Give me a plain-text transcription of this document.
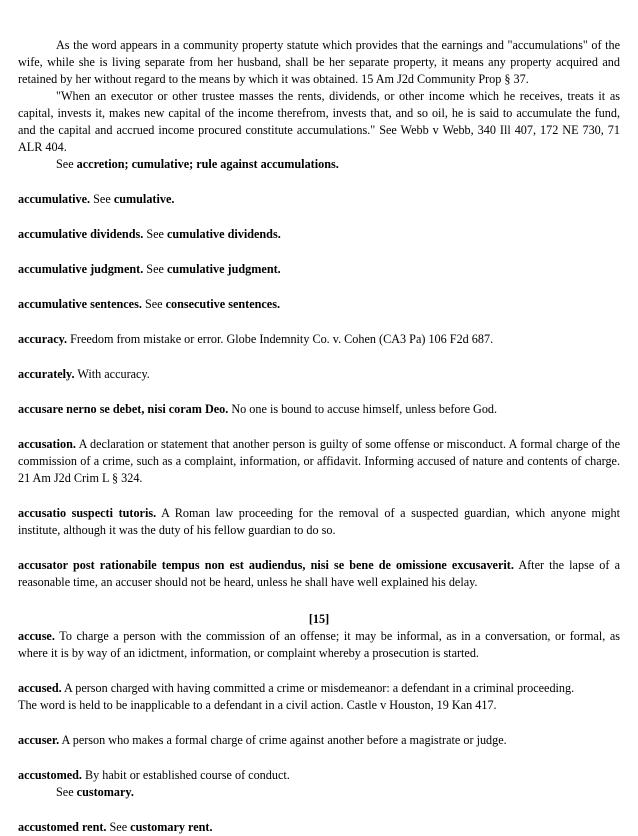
As the word appears in a community property statute which provides that the earnings and "accumulations" of the wife, while she is living separate from her husband, shall be her separate property, it means any property acquired and retained by her without regard to the means by which it was obtained. 15 Am J2d Community Prop § 37.

"When an executor or other trustee masses the rents, dividends, or other income which he receives, treats it as capital, invests it, makes new capital of the income therefrom, invests that, and so oil, he is said to accumulate the fund, and the capital and accrued income procured constitute accumulations." See Webb v Webb, 340 Ill 407, 172 NE 730, 71 ALR 404.

See accretion; cumulative; rule against accumulations.

accumulative. See cumulative.

accumulative dividends. See cumulative dividends.

accumulative judgment. See cumulative judgment.

accumulative sentences. See consecutive sentences.

accuracy. Freedom from mistake or error. Globe Indemnity Co. v. Cohen (CA3 Pa) 106 F2d 687.

accurately. With accuracy.

accusare nerno se debet, nisi coram Deo. No one is bound to accuse himself, unless before God.

accusation. A declaration or statement that another person is guilty of some offense or misconduct. A formal charge of the commission of a crime, such as a complaint, information, or affidavit. Informing accused of nature and contents of charge. 21 Am J2d Crim L § 324.

accusatio suspecti tutoris. A Roman law proceeding for the removal of a suspected guardian, which anyone might institute, although it was the duty of his fellow guardian to do so.

accusator post rationabile tempus non est audiendus, nisi se bene de omissione excusaverit. After the lapse of a reasonable time, an accuser should not be heard, unless he shall have well explained his delay.

[15]

accuse. To charge a person with the commission of an offense; it may be informal, as in a conversation, or formal, as where it is by way of an idictment, information, or complaint whereby a prosecution is started.

accused. A person charged with having committed a crime or misdemeanor: a defendant in a criminal proceeding.

The word is held to be inapplicable to a defendant in a civil action. Castle v Houston, 19 Kan 417.

accuser. A person who makes a formal charge of crime against another before a magistrate or judge.

accustomed. By habit or established course of conduct.

See customary.

accustomed rent. See customary rent.
